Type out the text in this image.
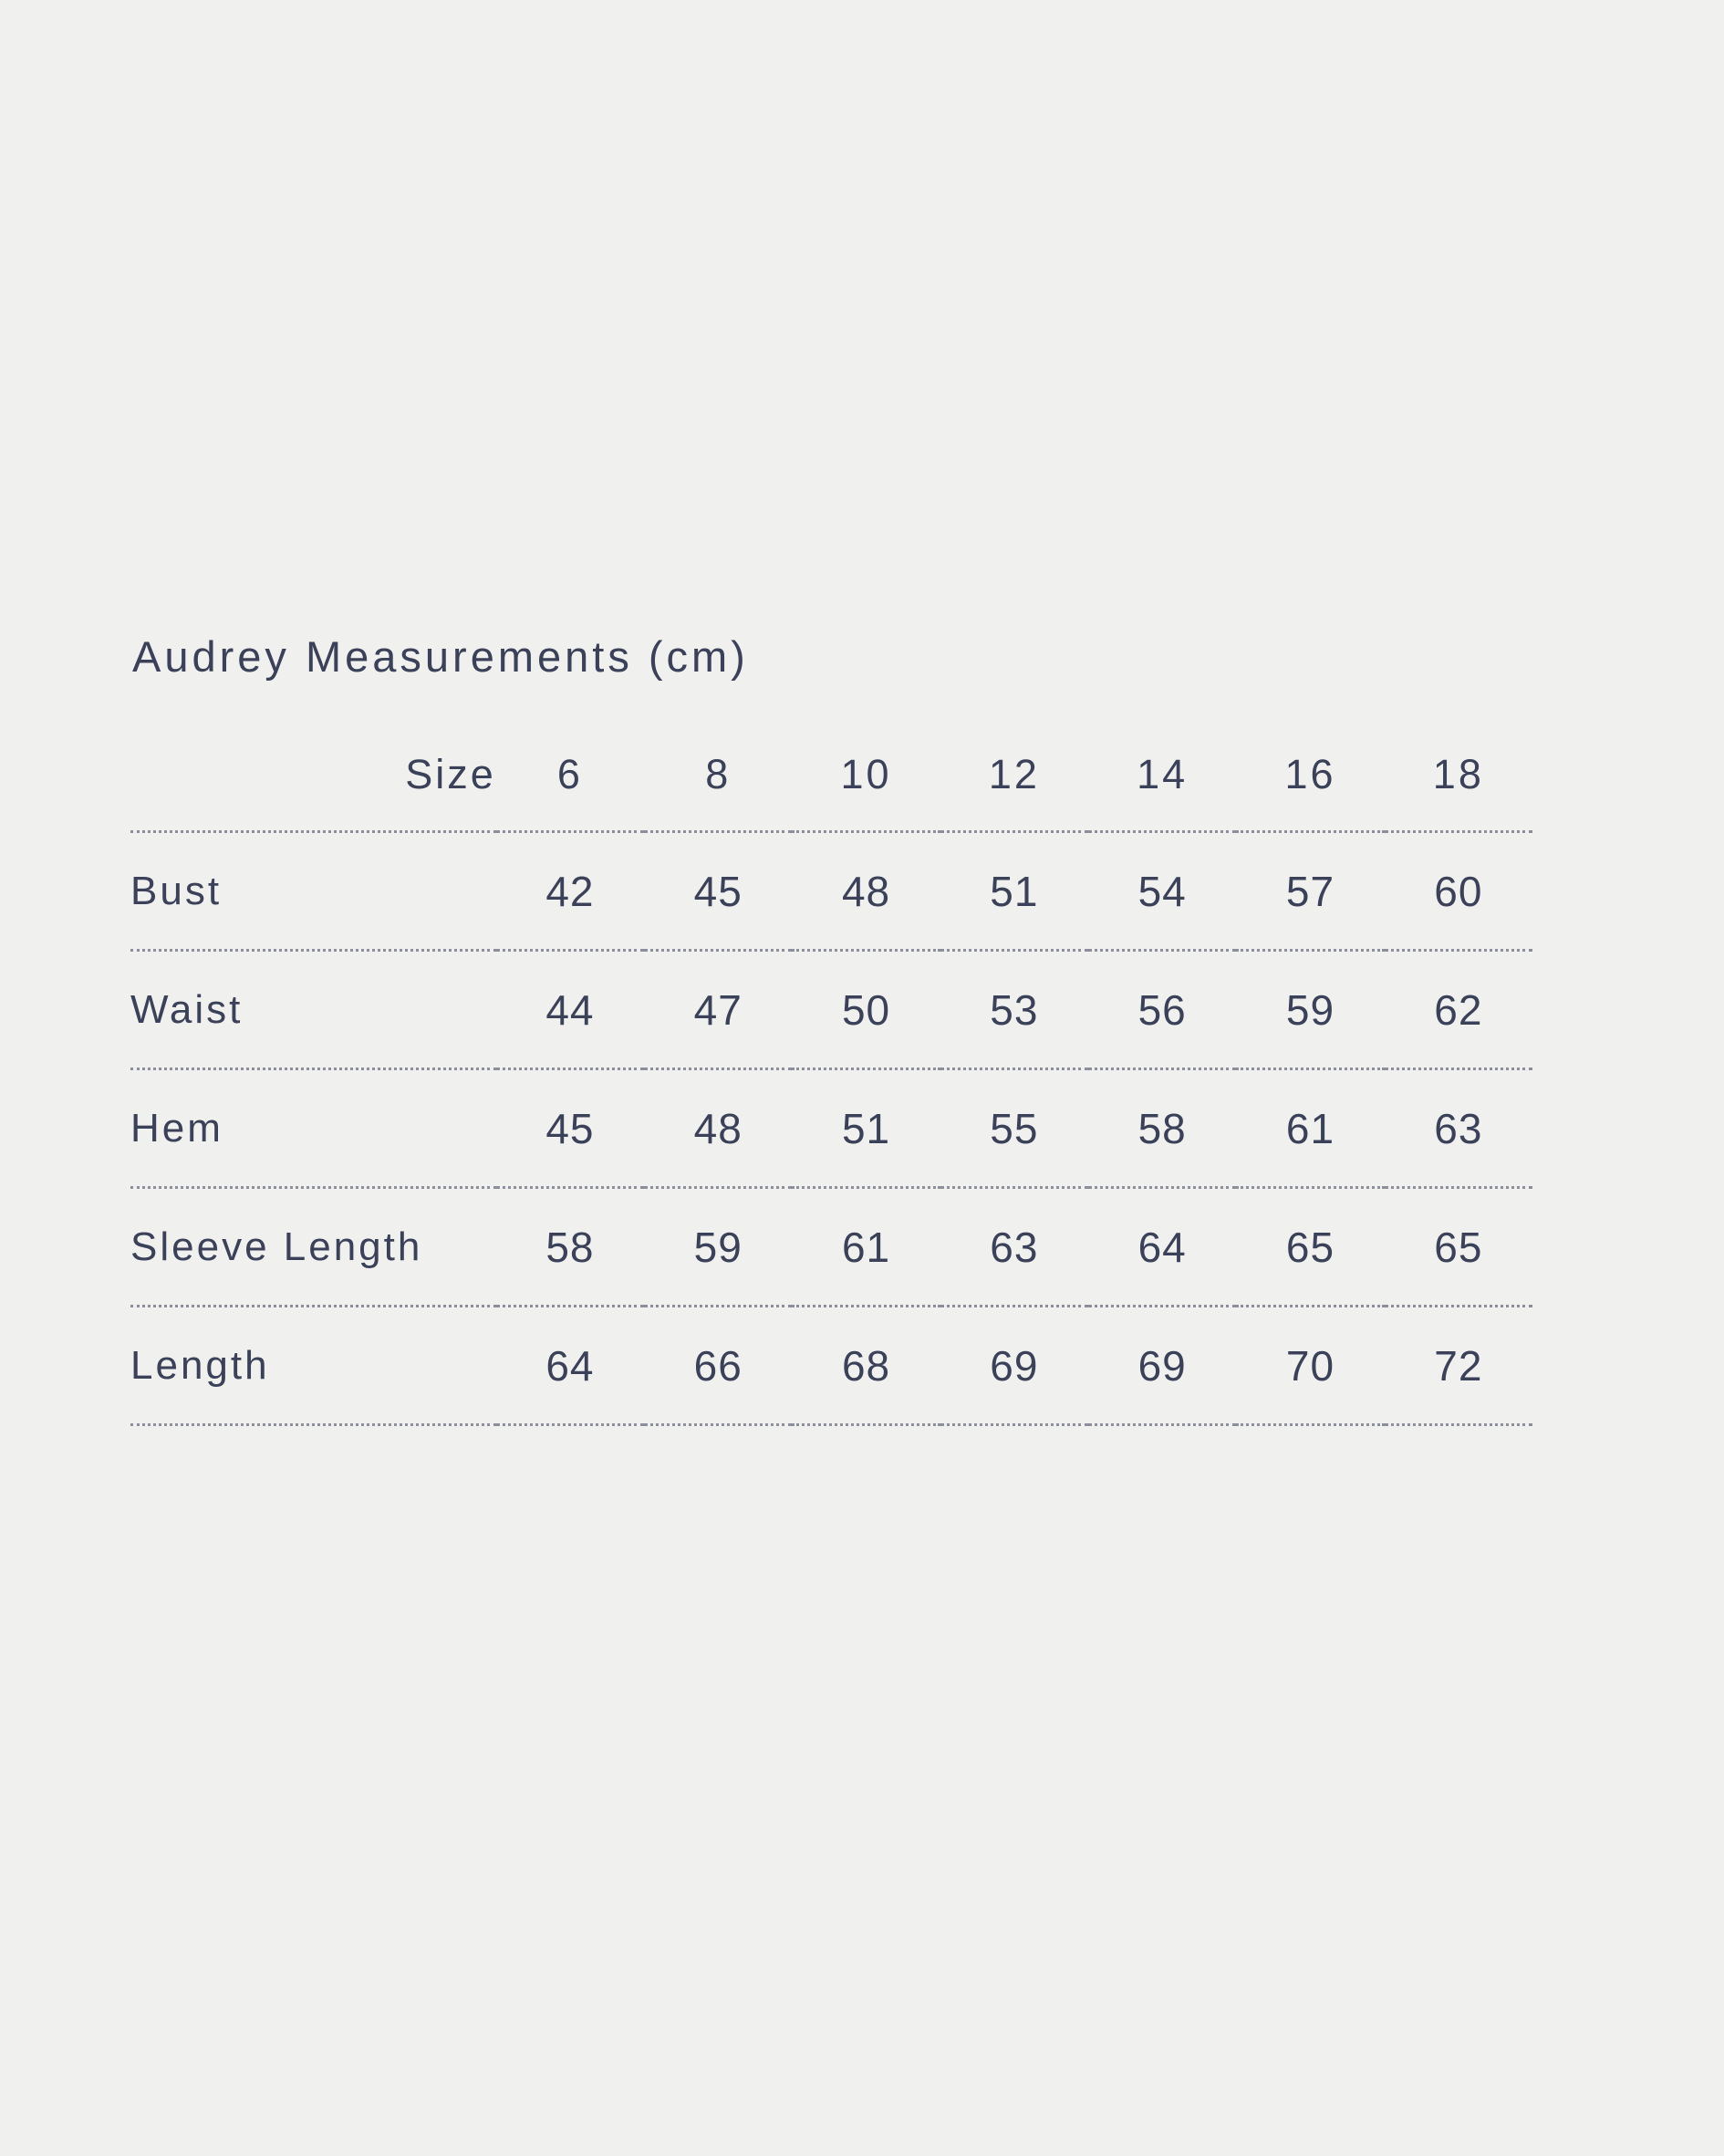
Audrey Measurements (cm)
Size	6	8	10	12	14	16	18
Bust	42	45	48	51	54	57	60
Waist	44	47	50	53	56	59	62
Hem	45	48	51	55	58	61	63
Sleeve Length	58	59	61	63	64	65	65
Length	64	66	68	69	69	70	72
